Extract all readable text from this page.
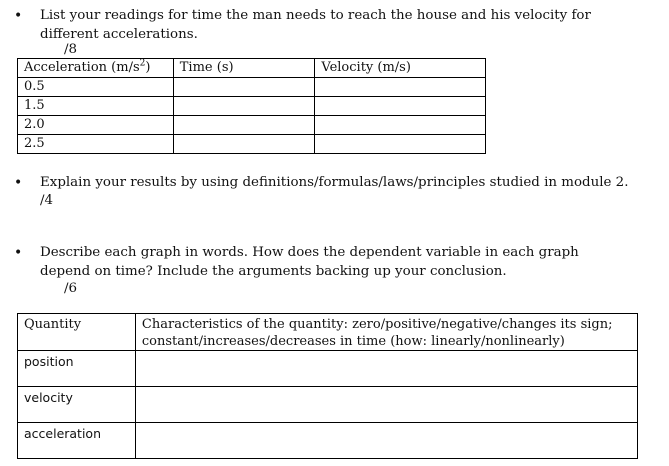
• List your readings for time the man needs to reach the house and his velocity for different accelerations.
/8
Acceleration $(m/s^2)$	Time (s)	Velocity (m/s)
0.5		
1.5		
2.0		
2.5		
• Explain your results by using definitions/formulas/laws/principles studied in module 2.
/4
• Describe each graph in words. How does the dependent variable in each graph depend on time? Include the arguments backing up your conclusion.
/6
Quantity	Characteristics of the quantity: zero/positive/negative/changes its sign; constant/increases/decreases in time (how: linearly/nonlinearly)
position	
velocity	
acceleration	
